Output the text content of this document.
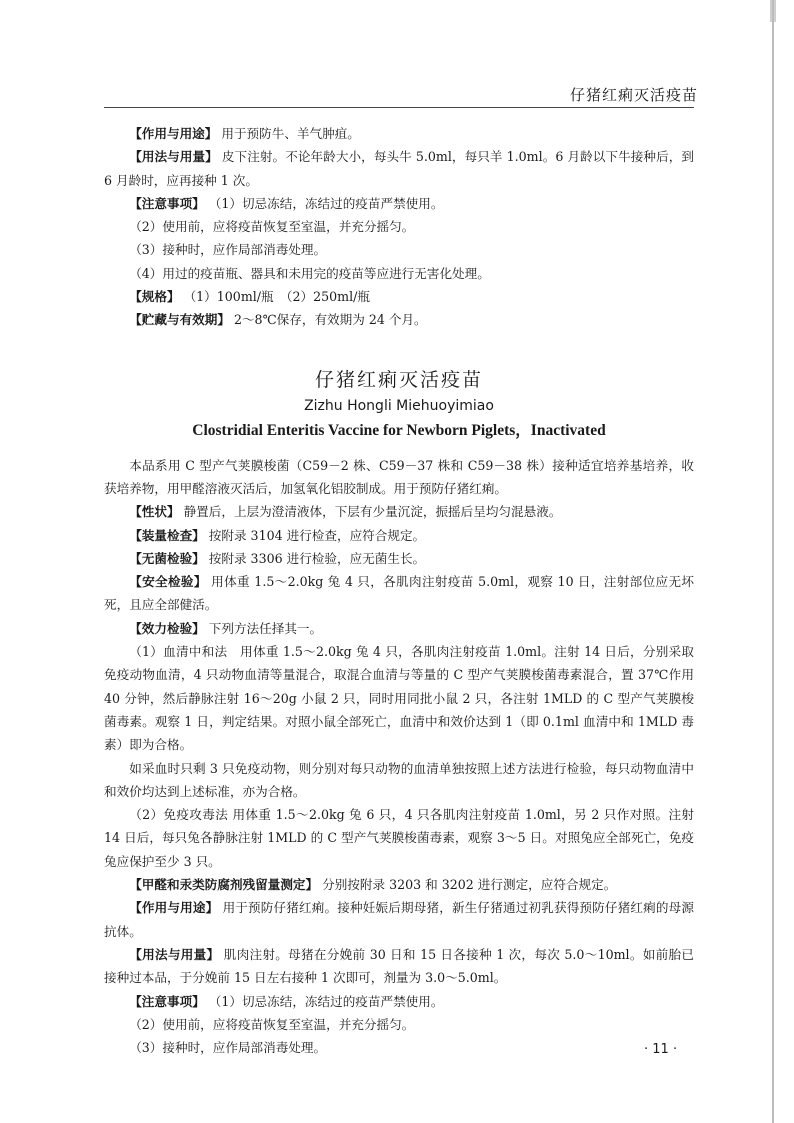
仔猪红痢灭活疫苗

【作用与用途】 用于预防牛、羊气肿疽。

【用法与用量】 皮下注射。不论年龄大小，每头牛 5.0ml，每只羊 1.0ml。6 月龄以下牛接种后，到 6 月龄时，应再接种 1 次。

【注意事项】 （1）切忌冻结，冻结过的疫苗严禁使用。

（2）使用前，应将疫苗恢复至室温，并充分摇匀。

（3）接种时，应作局部消毒处理。

（4）用过的疫苗瓶、器具和未用完的疫苗等应进行无害化处理。

【规格】 （1）100ml/瓶　（2）250ml/瓶

【贮藏与有效期】 2～8℃保存，有效期为 24 个月。

仔猪红痢灭活疫苗
Zizhu Hongli Miehuoyimiao
Clostridial Enteritis Vaccine for Newborn Piglets，Inactivated

本品系用 C 型产气荚膜梭菌（C59－2 株、C59－37 株和 C59－38 株）接种适宜培养基培养，收获培养物，用甲醛溶液灭活后，加氢氧化铝胶制成。用于预防仔猪红痢。

【性状】 静置后，上层为澄清液体，下层有少量沉淀，振摇后呈均匀混悬液。

【装量检查】 按附录 3104 进行检查，应符合规定。

【无菌检验】 按附录 3306 进行检验，应无菌生长。

【安全检验】 用体重 1.5～2.0kg 兔 4 只，各肌肉注射疫苗 5.0ml，观察 10 日，注射部位应无坏死，且应全部健活。

【效力检验】 下列方法任择其一。

（1）血清中和法　用体重 1.5～2.0kg 兔 4 只，各肌肉注射疫苗 1.0ml。注射 14 日后，分别采取免疫动物血清，4 只动物血清等量混合，取混合血清与等量的 C 型产气荚膜梭菌毒素混合，置 37℃作用 40 分钟，然后静脉注射 16～20g 小鼠 2 只，同时用同批小鼠 2 只，各注射 1MLD 的 C 型产气荚膜梭菌毒素。观察 1 日，判定结果。对照小鼠全部死亡，血清中和效价达到 1（即 0.1ml 血清中和 1MLD 毒素）即为合格。

如采血时只剩 3 只免疫动物，则分别对每只动物的血清单独按照上述方法进行检验，每只动物血清中和效价均达到上述标准，亦为合格。

（2）免疫攻毒法 用体重 1.5～2.0kg 兔 6 只，4 只各肌肉注射疫苗 1.0ml，另 2 只作对照。注射 14 日后，每只兔各静脉注射 1MLD 的 C 型产气荚膜梭菌毒素，观察 3～5 日。对照兔应全部死亡，免疫兔应保护至少 3 只。

【甲醛和汞类防腐剂残留量测定】 分别按附录 3203 和 3202 进行测定，应符合规定。

【作用与用途】 用于预防仔猪红痢。接种妊娠后期母猪，新生仔猪通过初乳获得预防仔猪红痢的母源抗体。

【用法与用量】 肌肉注射。母猪在分娩前 30 日和 15 日各接种 1 次，每次 5.0～10ml。如前胎已接种过本品，于分娩前 15 日左右接种 1 次即可，剂量为 3.0～5.0ml。

【注意事项】 （1）切忌冻结，冻结过的疫苗严禁使用。

（2）使用前，应将疫苗恢复至室温，并充分摇匀。

（3）接种时，应作局部消毒处理。	· 11 ·
